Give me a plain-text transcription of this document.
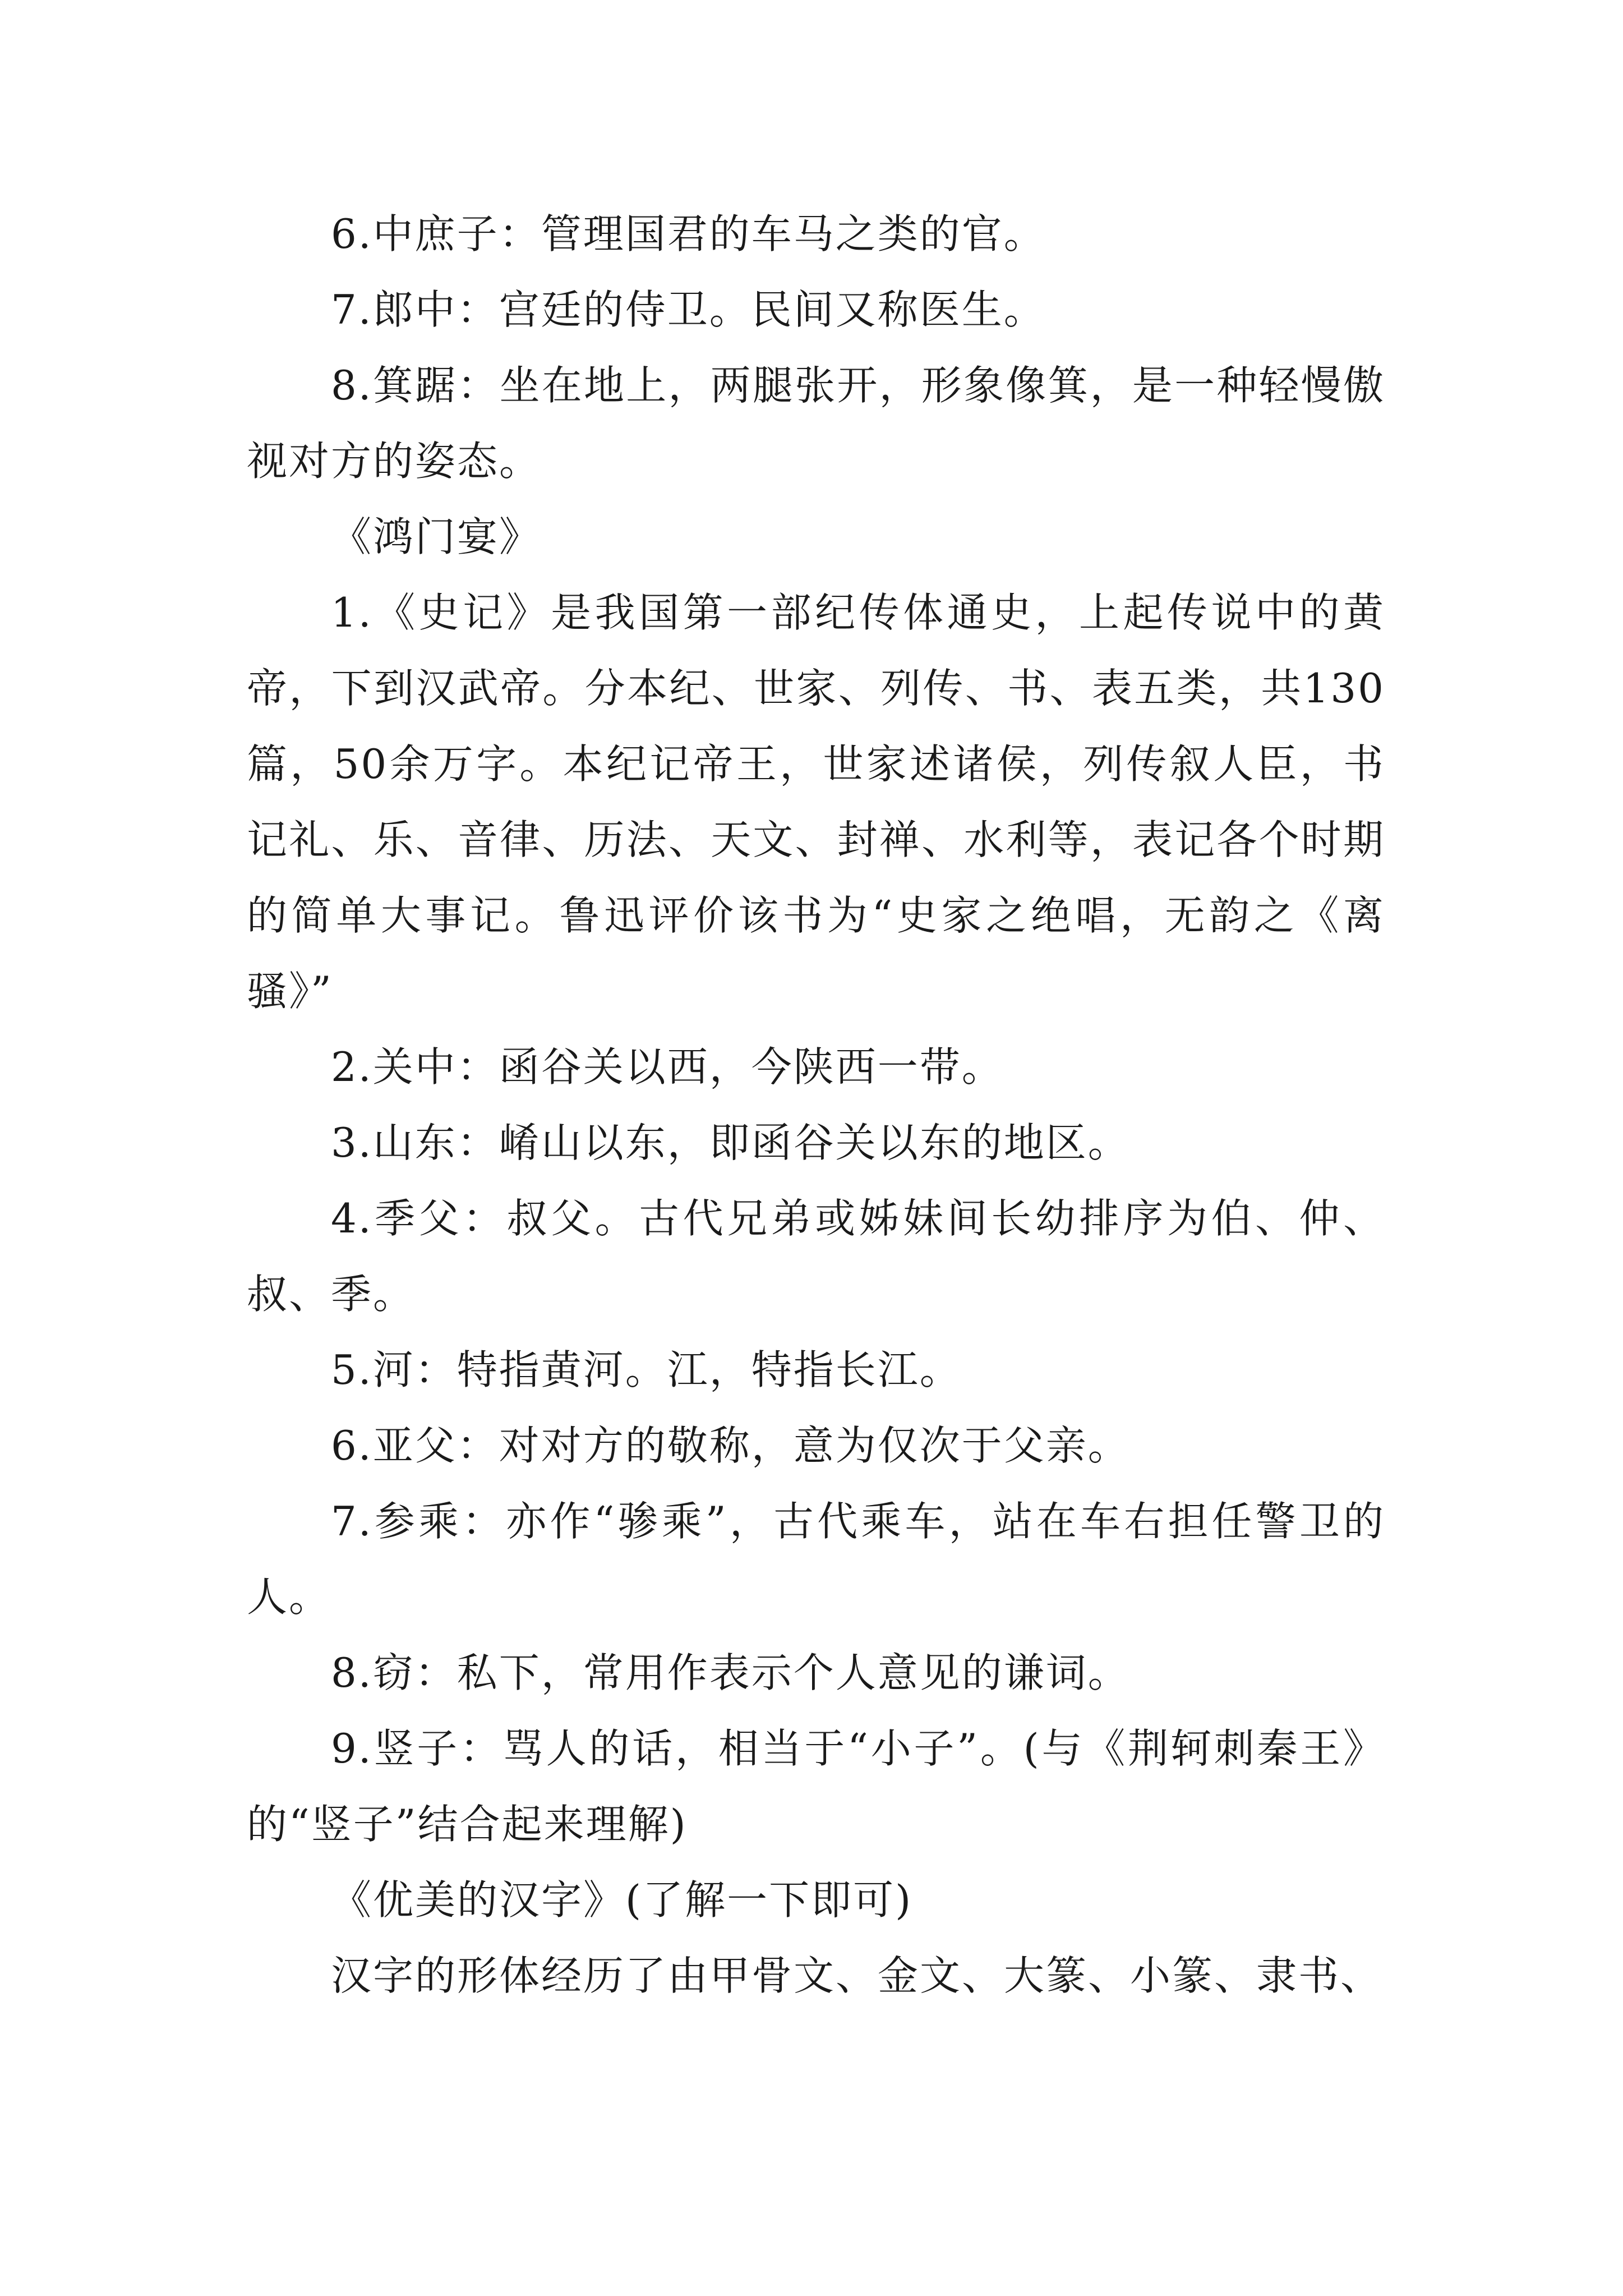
6.中庶子：管理国君的车马之类的官。

7.郎中：宫廷的侍卫。民间又称医生。

8.箕踞：坐在地上，两腿张开，形象像箕，是一种轻慢傲视对方的姿态。

《鸿门宴》

1.《史记》是我国第一部纪传体通史，上起传说中的黄帝，下到汉武帝。分本纪、世家、列传、书、表五类，共130篇，50余万字。本纪记帝王，世家述诸侯，列传叙人臣，书记礼、乐、音律、历法、天文、封禅、水利等，表记各个时期的简单大事记。鲁迅评价该书为“史家之绝唱，无韵之《离骚》”

2.关中：函谷关以西，今陕西一带。

3.山东：崤山以东，即函谷关以东的地区。

4.季父：叔父。古代兄弟或姊妹间长幼排序为伯、仲、叔、季。

5.河：特指黄河。江，特指长江。

6.亚父：对对方的敬称，意为仅次于父亲。

7.参乘：亦作“骖乘”，古代乘车，站在车右担任警卫的人。

8.窃：私下，常用作表示个人意见的谦词。

9.竖子：骂人的话，相当于“小子”。(与《荆轲刺秦王》的“竖子”结合起来理解)

《优美的汉字》(了解一下即可)

汉字的形体经历了由甲骨文、金文、大篆、小篆、隶书、
